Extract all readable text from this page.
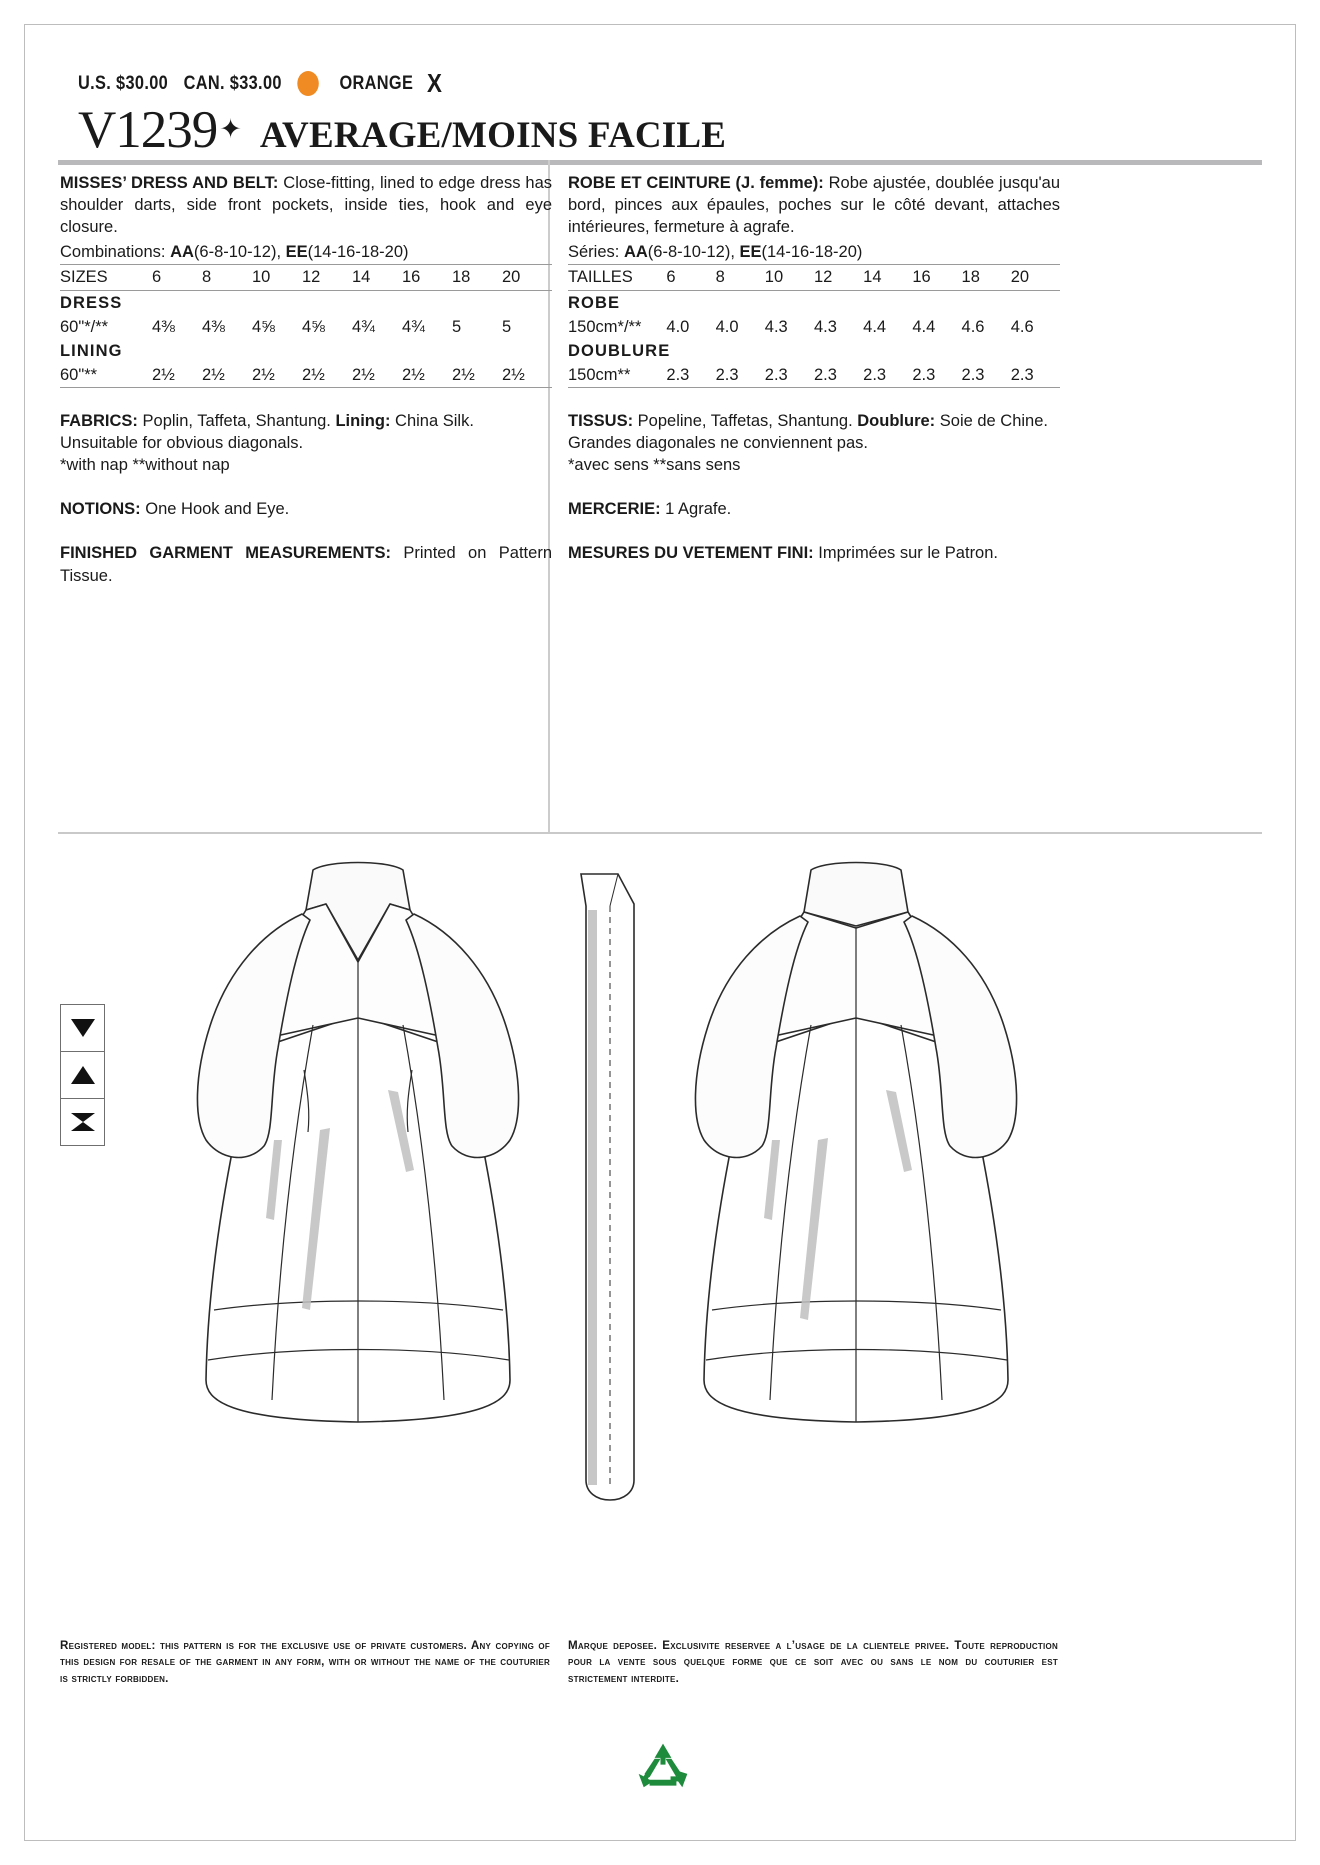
U.S. $30.00 CAN. $33.00	ORANGE X
V1239 ✦ AVERAGE/MOINS FACILE

MISSES’ DRESS AND BELT: Close-fitting, lined to edge dress has shoulder darts, side front pockets, inside ties, hook and eye closure.

Combinations: AA(6-8-10-12), EE(14-16-18-20)								
SIZES	6	8	10	12	14	16	18	20
DRESS								
60"*/**	4⅜	4⅜	4⅝	4⅝	4¾	4¾	5	5
LINING								
60"**	2½	2½	2½	2½	2½	2½	2½	2½

FABRICS: Poplin, Taffeta, Shantung. Lining: China Silk.

Unsuitable for obvious diagonals.

*with nap **without nap

NOTIONS: One Hook and Eye.

FINISHED GARMENT MEASUREMENTS: Printed on Pattern Tissue.

ROBE ET CEINTURE (J. femme): Robe ajustée, doublée jusqu'au bord, pinces aux épaules, poches sur le côté devant, attaches intérieures, fermeture à agrafe.

Séries: AA(6-8-10-12), EE(14-16-18-20)								
TAILLES	6	8	10	12	14	16	18	20
ROBE								
150cm*/**	4.0	4.0	4.3	4.3	4.4	4.4	4.6	4.6
DOUBLURE								
150cm**	2.3	2.3	2.3	2.3	2.3	2.3	2.3	2.3

TISSUS: Popeline, Taffetas, Shantung. Doublure: Soie de Chine.

Grandes diagonales ne conviennent pas.

*avec sens **sans sens

MERCERIE: 1 Agrafe.

MESURES DU VETEMENT FINI: Imprimées sur le Patron.

Registered model: this pattern is for the exclusive use of private customers. Any copying of this design for resale of the garment in any form, with or without the name of the couturier is strictly forbidden.
Marque deposee. Exclusivite reservee a l’usage de la clientele privee. Toute reproduction pour la vente sous quelque forme que ce soit avec ou sans le nom du couturier est strictement interdite.
